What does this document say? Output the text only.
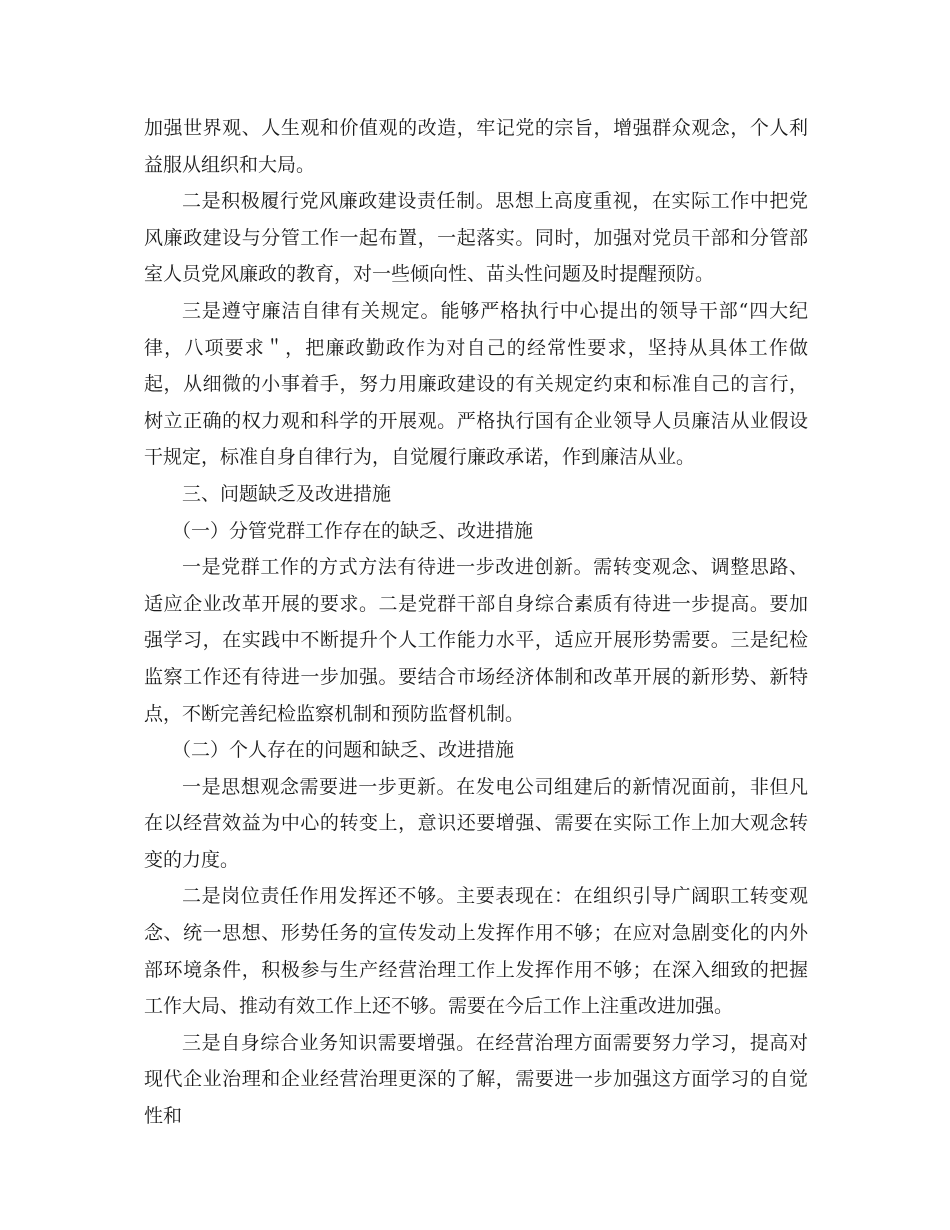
加强世界观、人生观和价值观的改造，牢记党的宗旨，增强群众观念，个人利益服从组织和大局。

二是积极履行党风廉政建设责任制。思想上高度重视，在实际工作中把党风廉政建设与分管工作一起布置，一起落实。同时，加强对党员干部和分管部室人员党风廉政的教育，对一些倾向性、苗头性问题及时提醒预防。

三是遵守廉洁自律有关规定。能够严格执行中心提出的领导干部“四大纪律，八项要求＂，把廉政勤政作为对自己的经常性要求，坚持从具体工作做起，从细微的小事着手，努力用廉政建设的有关规定约束和标准自己的言行，树立正确的权力观和科学的开展观。严格执行国有企业领导人员廉洁从业假设干规定，标准自身自律行为，自觉履行廉政承诺，作到廉洁从业。

三、问题缺乏及改进措施

（一）分管党群工作存在的缺乏、改进措施

一是党群工作的方式方法有待进一步改进创新。需转变观念、调整思路、适应企业改革开展的要求。二是党群干部自身综合素质有待进一步提高。要加强学习，在实践中不断提升个人工作能力水平，适应开展形势需要。三是纪检监察工作还有待进一步加强。要结合市场经济体制和改革开展的新形势、新特点，不断完善纪检监察机制和预防监督机制。

（二）个人存在的问题和缺乏、改进措施

一是思想观念需要进一步更新。在发电公司组建后的新情况面前，非但凡在以经营效益为中心的转变上，意识还要增强、需要在实际工作上加大观念转变的力度。

二是岗位责任作用发挥还不够。主要表现在：在组织引导广阔职工转变观念、统一思想、形势任务的宣传发动上发挥作用不够；在应对急剧变化的内外部环境条件，积极参与生产经营治理工作上发挥作用不够；在深入细致的把握工作大局、推动有效工作上还不够。需要在今后工作上注重改进加强。

三是自身综合业务知识需要增强。在经营治理方面需要努力学习，提高对现代企业治理和企业经营治理更深的了解，需要进一步加强这方面学习的自觉性和
